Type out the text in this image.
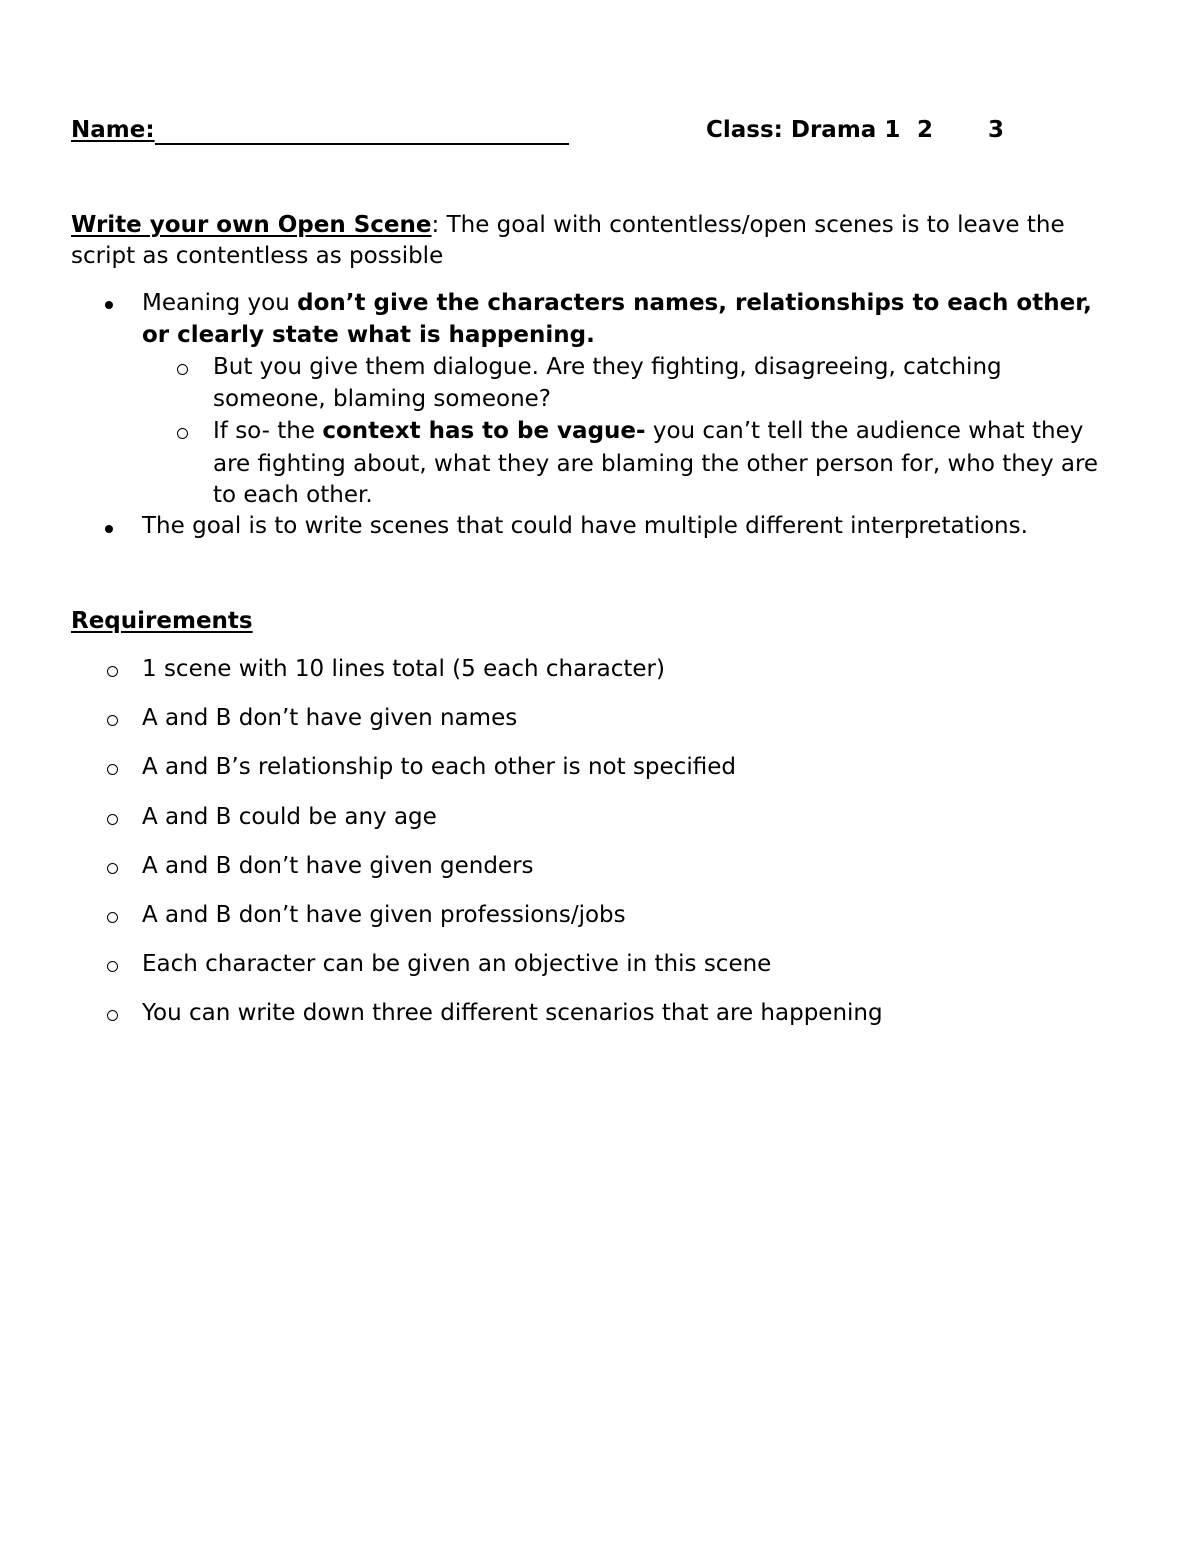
Name:	Class: Drama 1 2 3
Write your own Open Scene: The goal with contentless/open scenes is to leave the
script as contentless as possible
Meaning you don’t give the characters names, relationships to each other,
or clearly state what is happening.
But you give them dialogue. Are they fighting, disagreeing, catching
someone, blaming someone?
If so- the context has to be vague- you can’t tell the audience what they
are fighting about, what they are blaming the other person for, who they are
to each other.
The goal is to write scenes that could have multiple different interpretations.
Requirements
1 scene with 10 lines total (5 each character)
A and B don’t have given names
A and B’s relationship to each other is not specified
A and B could be any age
A and B don’t have given genders
A and B don’t have given professions/jobs
Each character can be given an objective in this scene
You can write down three different scenarios that are happening
